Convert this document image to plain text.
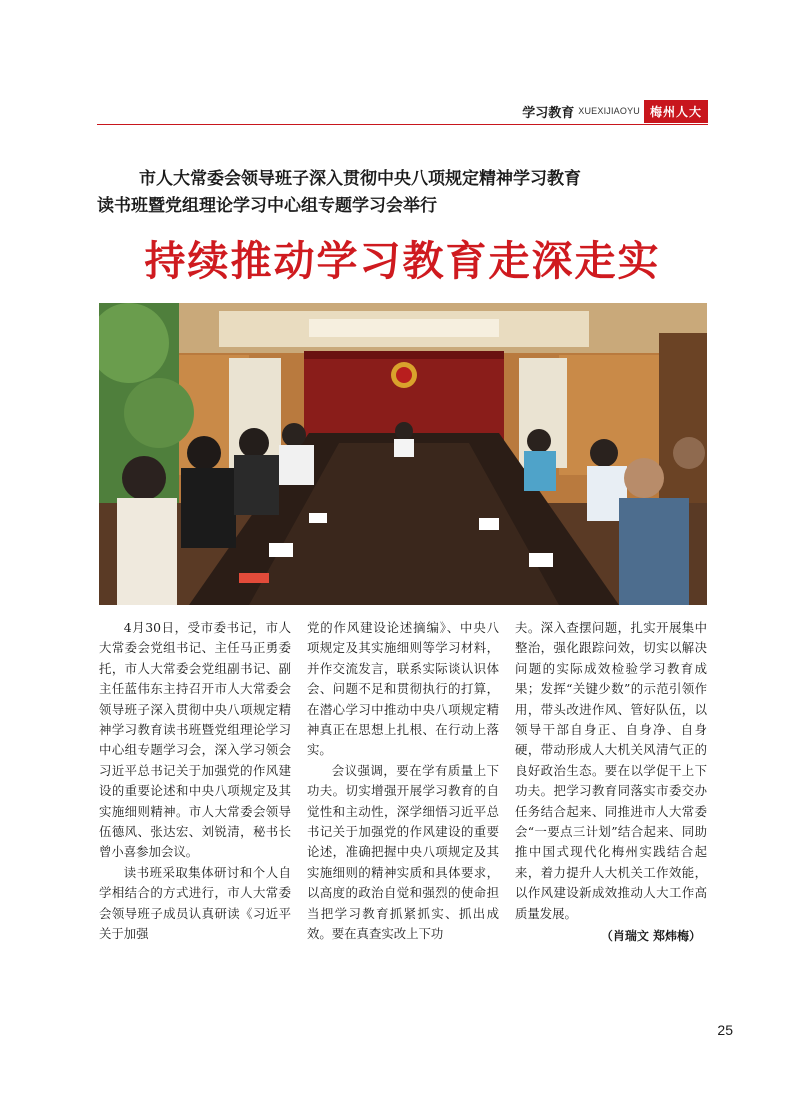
学习教育 XUEXIJIAOYU 梅州人大
市人大常委会领导班子深入贯彻中央八项规定精神学习教育
读书班暨党组理论学习中心组专题学习会举行
持续推动学习教育走深走实

4月30日，受市委书记，市人大常委会党组书记、主任马正勇委托，市人大常委会党组副书记、副主任蓝伟东主持召开市人大常委会领导班子深入贯彻中央八项规定精神学习教育读书班暨党组理论学习中心组专题学习会，深入学习领会习近平总书记关于加强党的作风建设的重要论述和中央八项规定及其实施细则精神。市人大常委会领导伍德风、张达宏、刘锐清，秘书长曾小喜参加会议。

读书班采取集体研讨和个人自学相结合的方式进行，市人大常委会领导班子成员认真研读《习近平关于加强

党的作风建设论述摘编》、中央八项规定及其实施细则等学习材料，并作交流发言，联系实际谈认识体会、问题不足和贯彻执行的打算，在潜心学习中推动中央八项规定精神真正在思想上扎根、在行动上落实。

会议强调，要在学有质量上下功夫。切实增强开展学习教育的自觉性和主动性，深学细悟习近平总书记关于加强党的作风建设的重要论述，准确把握中央八项规定及其实施细则的精神实质和具体要求，以高度的政治自觉和强烈的使命担当把学习教育抓紧抓实、抓出成效。要在真查实改上下功

夫。深入查摆问题，扎实开展集中整治，强化跟踪问效，切实以解决问题的实际成效检验学习教育成果；发挥“关键少数”的示范引领作用，带头改进作风、管好队伍，以领导干部自身正、自身净、自身硬，带动形成人大机关风清气正的良好政治生态。要在以学促干上下功夫。把学习教育同落实市委交办任务结合起来、同推进市人大常委会“一要点三计划”结合起来、同助推中国式现代化梅州实践结合起来，着力提升人大机关工作效能，以作风建设新成效推动人大工作高质量发展。

（肖瑞文 郑炜梅）
25
